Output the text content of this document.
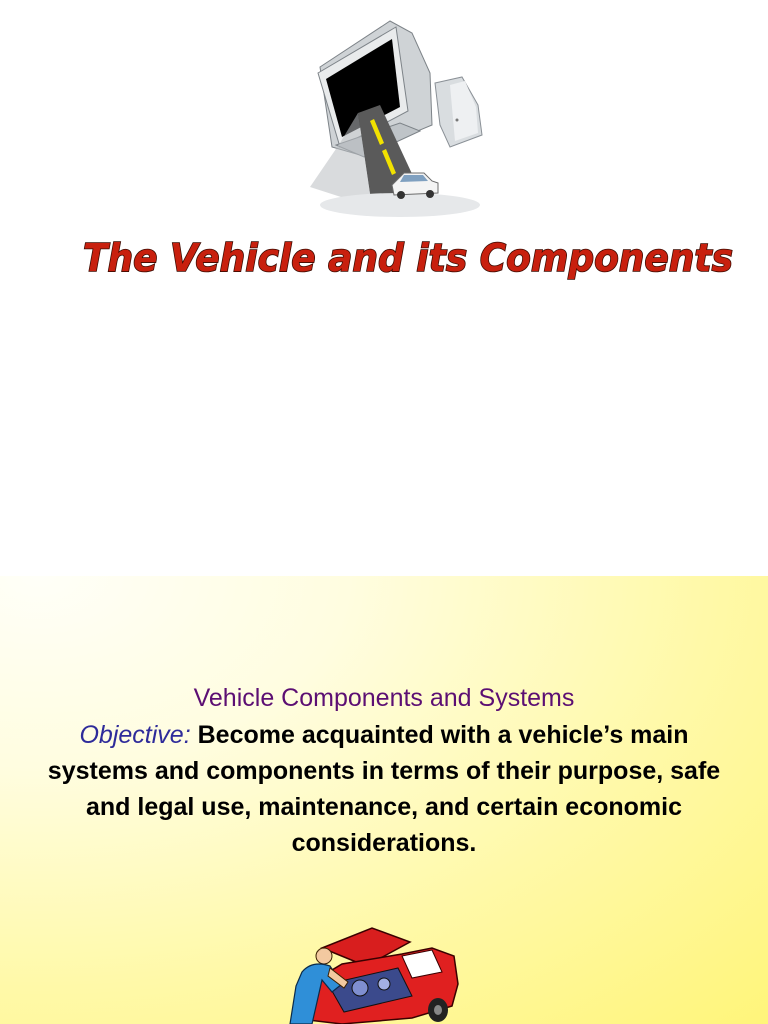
The Vehicle and its Components
Vehicle Components and Systems
Objective: Become acquainted with a vehicle’s main systems and components in terms of their purpose, safe and legal use, maintenance, and certain economic considerations.
